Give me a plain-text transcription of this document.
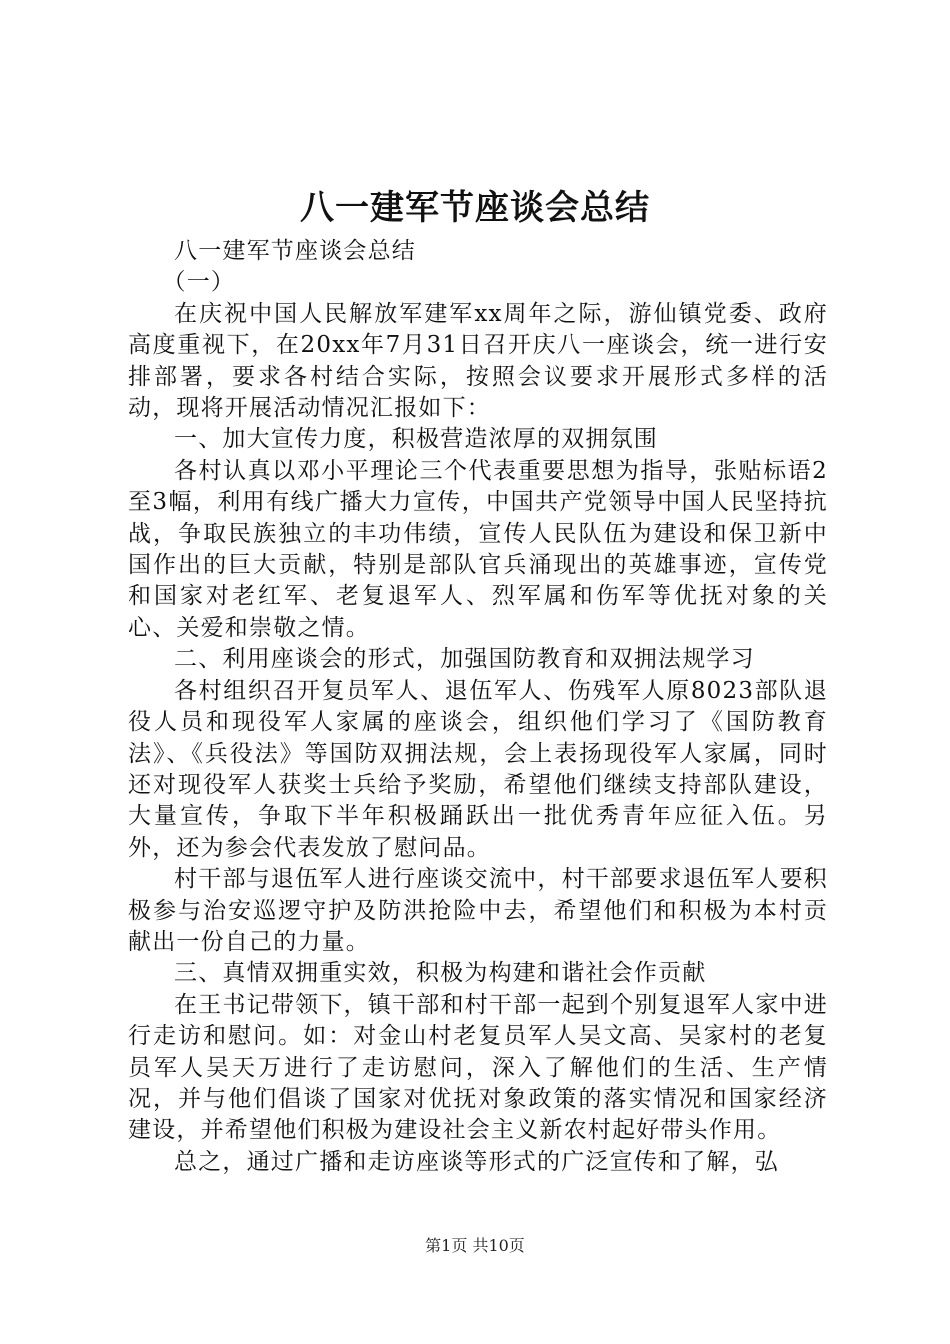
八一建军节座谈会总结

八一建军节座谈会总结

（一）

在庆祝中国人民解放军建军xx周年之际，游仙镇党委、政府高度重视下，在20xx年7月31日召开庆八一座谈会，统一进行安排部署，要求各村结合实际，按照会议要求开展形式多样的活动，现将开展活动情况汇报如下：

一、加大宣传力度，积极营造浓厚的双拥氛围

各村认真以邓小平理论三个代表重要思想为指导，张贴标语2至3幅，利用有线广播大力宣传，中国共产党领导中国人民坚持抗战，争取民族独立的丰功伟绩，宣传人民队伍为建设和保卫新中国作出的巨大贡献，特别是部队官兵涌现出的英雄事迹，宣传党和国家对老红军、老复退军人、烈军属和伤军等优抚对象的关心、关爱和崇敬之情。

二、利用座谈会的形式，加强国防教育和双拥法规学习

各村组织召开复员军人、退伍军人、伤残军人原8023部队退役人员和现役军人家属的座谈会，组织他们学习了《国防教育法》、《兵役法》等国防双拥法规，会上表扬现役军人家属，同时还对现役军人获奖士兵给予奖励，希望他们继续支持部队建设，大量宣传，争取下半年积极踊跃出一批优秀青年应征入伍。另外，还为参会代表发放了慰问品。

村干部与退伍军人进行座谈交流中，村干部要求退伍军人要积极参与治安巡逻守护及防洪抢险中去，希望他们和积极为本村贡献出一份自己的力量。

三、真情双拥重实效，积极为构建和谐社会作贡献

在王书记带领下，镇干部和村干部一起到个别复退军人家中进行走访和慰问。如：对金山村老复员军人吴文高、吴家村的老复员军人吴天万进行了走访慰问，深入了解他们的生活、生产情况，并与他们倡谈了国家对优抚对象政策的落实情况和国家经济建设，并希望他们积极为建设社会主义新农村起好带头作用。

总之，通过广播和走访座谈等形式的广泛宣传和了解，弘

第1页 共10页
